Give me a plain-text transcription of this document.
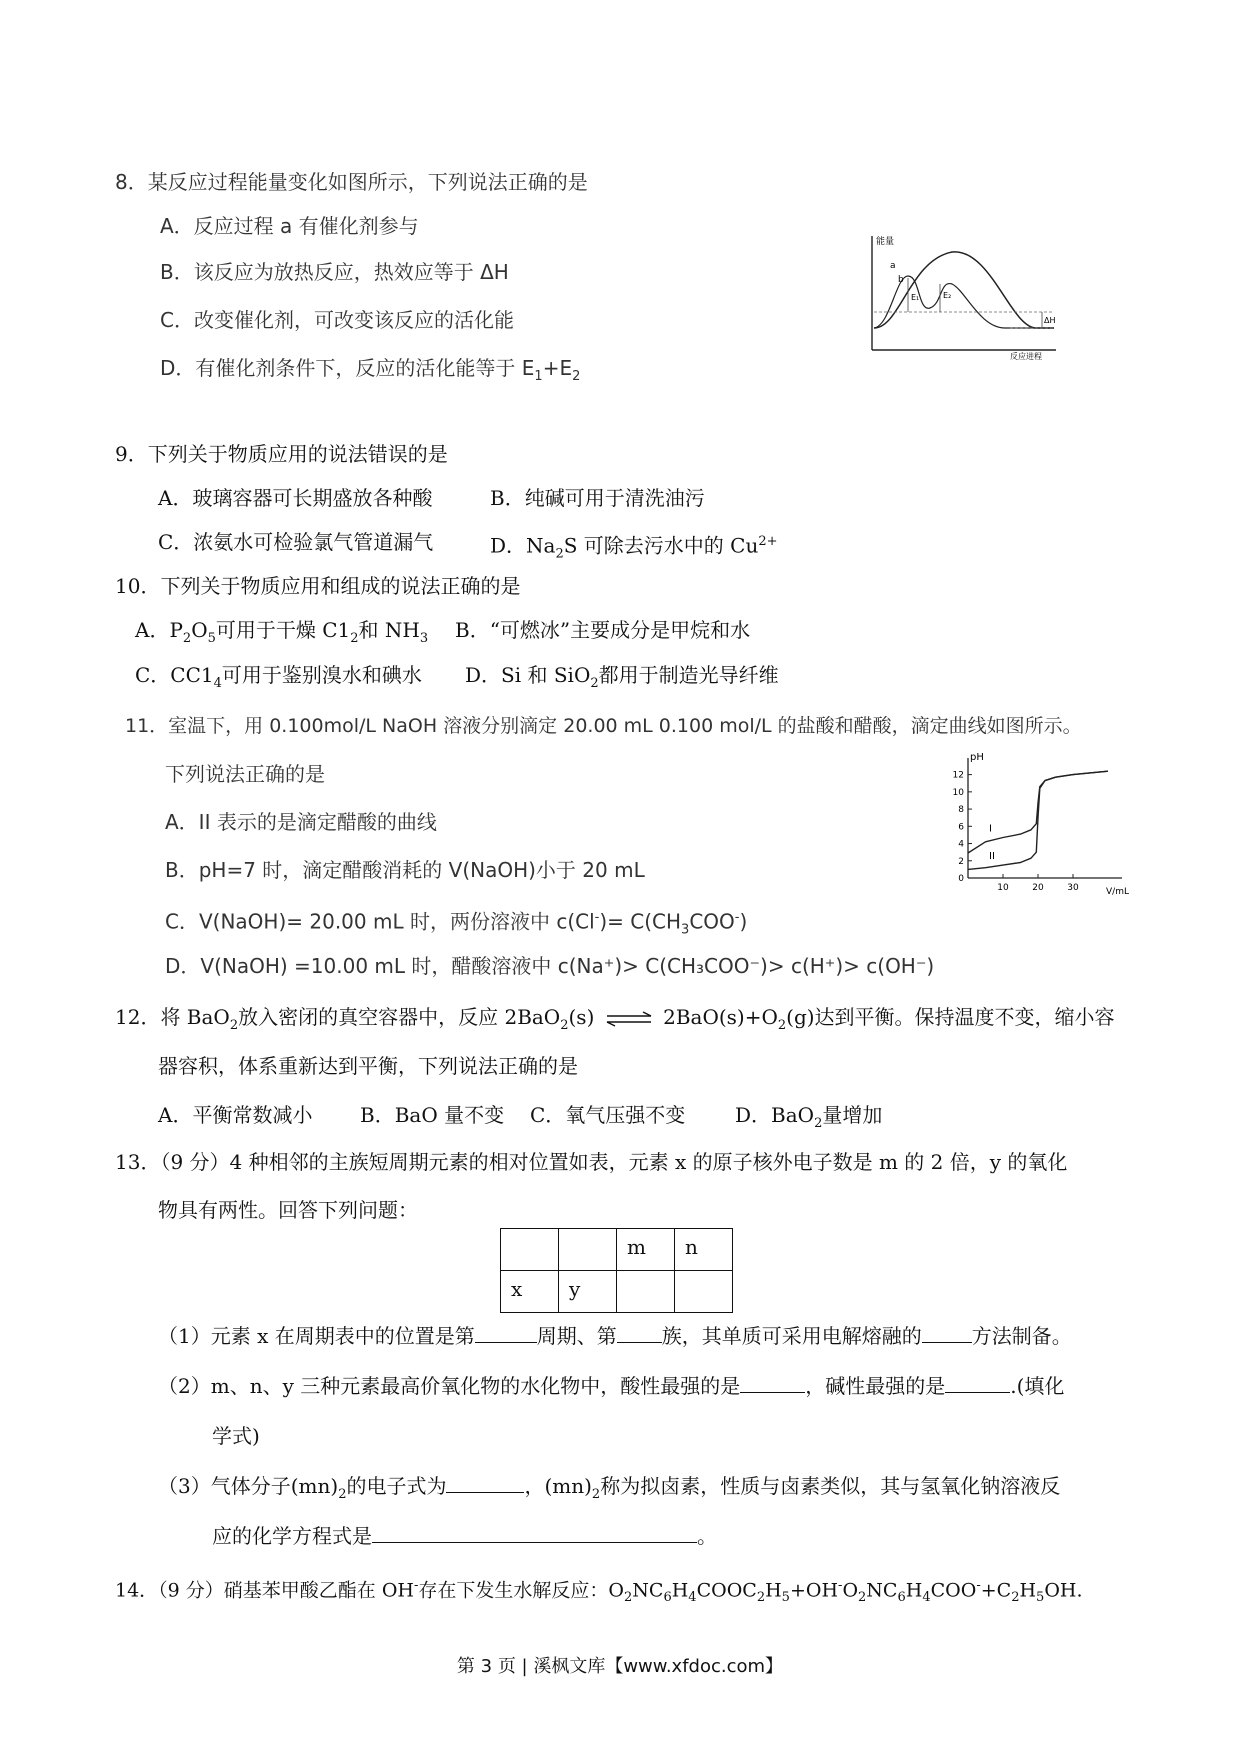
8．某反应过程能量变化如图所示，下列说法正确的是
A．反应过程 a 有催化剂参与
B．该反应为放热反应，热效应等于 ΔH
C．改变催化剂，可改变该反应的活化能
D．有催化剂条件下，反应的活化能等于 $E_1+E_2$
能量
反应进程
a
b
E₁	E₂
ΔH
9．下列关于物质应用的说法错误的是
A．玻璃容器可长期盛放各种酸	B．纯碱可用于清洗油污
C．浓氨水可检验氯气管道漏气	D．$Na_2S$ 可除去污水中的 $Cu^{2+}$
10．下列关于物质应用和组成的说法正确的是
A．$P_2O_5$可用于干燥 $C1_2$和 $NH_3$ B．“可燃冰”主要成分是甲烷和水
C．$CC1_4$可用于鉴别溴水和碘水 D．Si 和 SiO$_2$都用于制造光导纤维
11．室温下，用 0.100mol/L NaOH 溶液分别滴定 20.00 mL 0.100 mol/L 的盐酸和醋酸，滴定曲线如图所示。
下列说法正确的是
A．II 表示的是滴定醋酸的曲线
B．pH=7 时，滴定醋酸消耗的 V(NaOH)小于 20 mL
C．V(NaOH)= 20.00 mL 时，两份溶液中 $c(Cl^-)= C(CH_3COO^-)$
D．V(NaOH) =10.00 mL 时，醋酸溶液中 c(Na⁺)> C(CH₃COO⁻)> c(H⁺)> c(OH⁻)
12
10
8
6
4
2
0
10	20	30
pH
V/mL
I
II
12．将 BaO$_2$放入密闭的真空容器中，反应 2BaO$_2$(s) ⇌ $2BaO(s)+O_2(g)$达到平衡。保持温度不变，缩小容
器容积，体系重新达到平衡，下列说法正确的是
A．平衡常数减小 B．BaO 量不变 C．氧气压强不变 D．BaO$_2$量增加
13．（9 分）4 种相邻的主族短周期元素的相对位置如表，元素 x 的原子核外电子数是 m 的 2 倍，y 的氧化
物具有两性。回答下列问题：
		m	n
x	y		
（1）元素 x 在周期表中的位置是第	周期、第 族，其单质可采用电解熔融的	方法制备。
（2）m、n、y 三种元素最高价氧化物的水化物中，酸性最强的是	，碱性最强的是	.(填化
学式)
（3）气体分子$(mn)_2$的电子式为	，$(mn)_2$称为拟卤素，性质与卤素类似，其与氢氧化钠溶液反
应的化学方程式是	。
14．（9 分）硝基苯甲酸乙酯在 OH-存在下发生水解反应：$O_2NC_6H_4COOC_2H_5+OH^-O_2NC_6H_4COO^-+C_2H_5OH$.
第 3 页 | 溪枫文库【www.xfdoc.com】
